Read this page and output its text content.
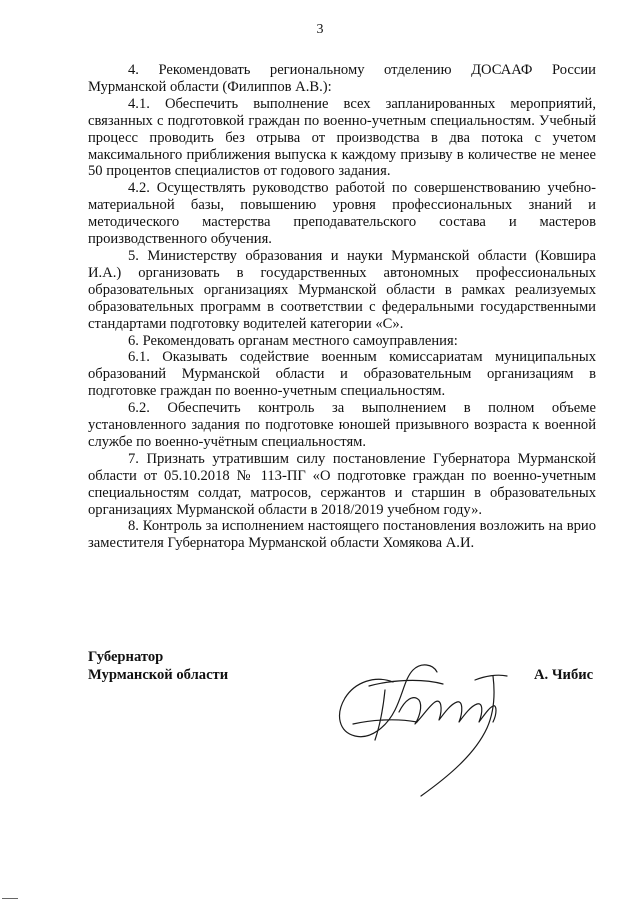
3

4. Рекомендовать региональному отделению ДОСААФ России Мурманской области (Филиппов А.В.):

4.1. Обеспечить выполнение всех запланированных мероприятий, связанных с подготовкой граждан по военно-учетным специальностям. Учебный процесс проводить без отрыва от производства в два потока с учетом максимального приближения выпуска к каждому призыву в количестве не менее 50 процентов специалистов от годового задания.

4.2. Осуществлять руководство работой по совершенствованию учебно-материальной базы, повышению уровня профессиональных знаний и методического мастерства преподавательского состава и мастеров производственного обучения.

5. Министерству образования и науки Мурманской области (Ковшира И.А.) организовать в государственных автономных профессиональных образовательных организациях Мурманской области в рамках реализуемых образовательных программ в соответствии с федеральными государственными стандартами подготовку водителей категории «С».

6. Рекомендовать органам местного самоуправления:

6.1. Оказывать содействие военным комиссариатам муниципальных образований Мурманской области и образовательным организациям в подготовке граждан по военно-учетным специальностям.

6.2. Обеспечить контроль за выполнением в полном объеме установленного задания по подготовке юношей призывного возраста к военной службе по военно-учётным специальностям.

7. Признать утратившим силу постановление Губернатора Мурманской области от 05.10.2018 № 113-ПГ «О подготовке граждан по военно-учетным специальностям солдат, матросов, сержантов и старшин в образовательных организациях Мурманской области в 2018/2019 учебном году».

8. Контроль за исполнением настоящего постановления возложить на врио заместителя Губернатора Мурманской области Хомякова А.И.

Губернатор
Мурманской области	А. Чибис
